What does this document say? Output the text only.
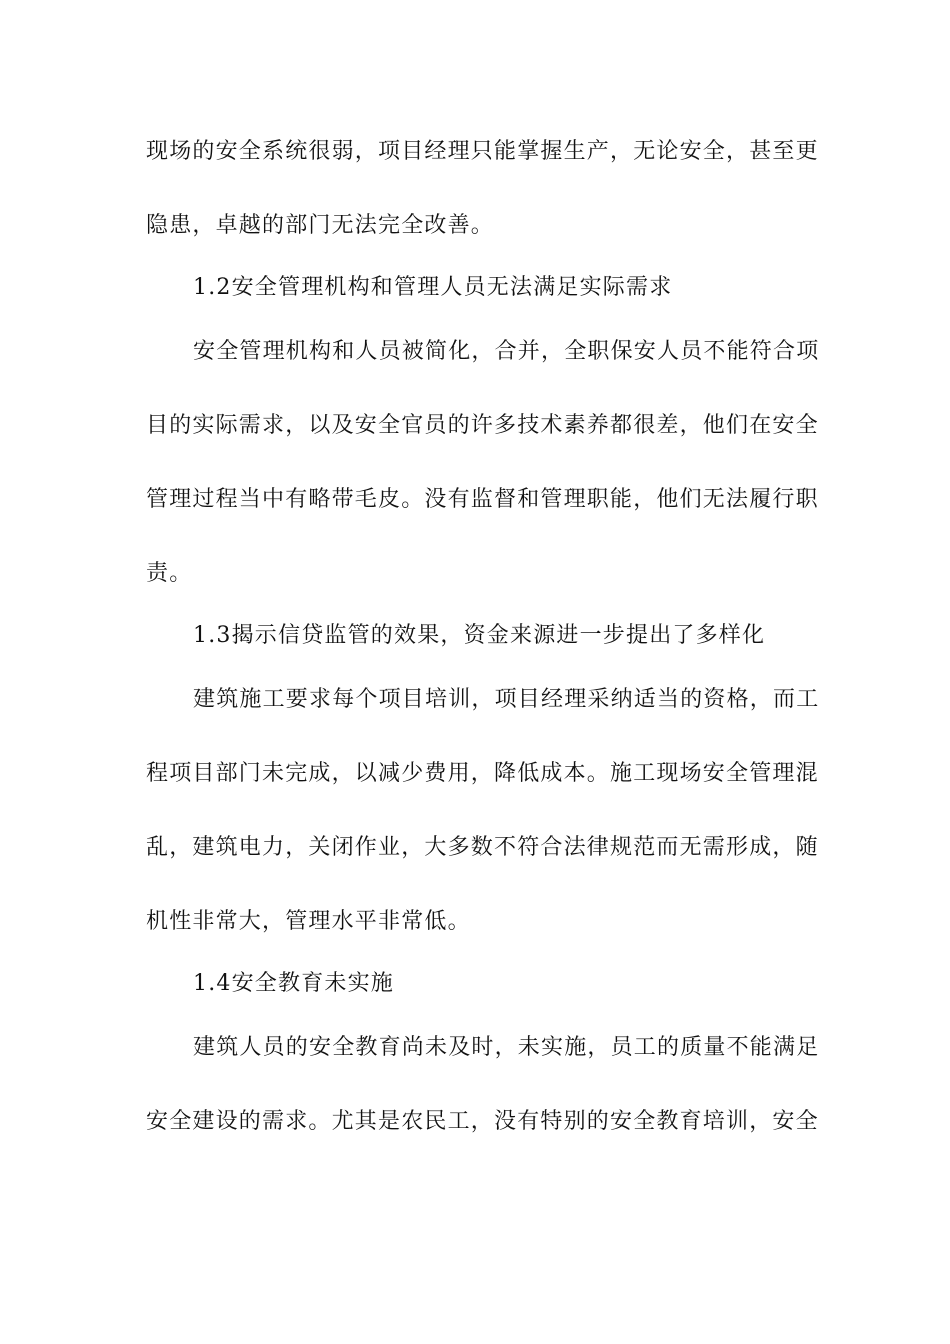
现场的安全系统很弱，项目经理只能掌握生产，无论安全，甚至更
隐患，卓越的部门无法完全改善。
1.2安全管理机构和管理人员无法满足实际需求
安全管理机构和人员被简化，合并，全职保安人员不能符合项
目的实际需求，以及安全官员的许多技术素养都很差，他们在安全
管理过程当中有略带毛皮。没有监督和管理职能，他们无法履行职
责。
1.3揭示信贷监管的效果，资金来源进一步提出了多样化
建筑施工要求每个项目培训，项目经理采纳适当的资格，而工
程项目部门未完成，以减少费用，降低成本。施工现场安全管理混
乱，建筑电力，关闭作业，大多数不符合法律规范而无需形成，随
机性非常大，管理水平非常低。
1.4安全教育未实施
建筑人员的安全教育尚未及时，未实施，员工的质量不能满足
安全建设的需求。尤其是农民工，没有特别的安全教育培训，安全
